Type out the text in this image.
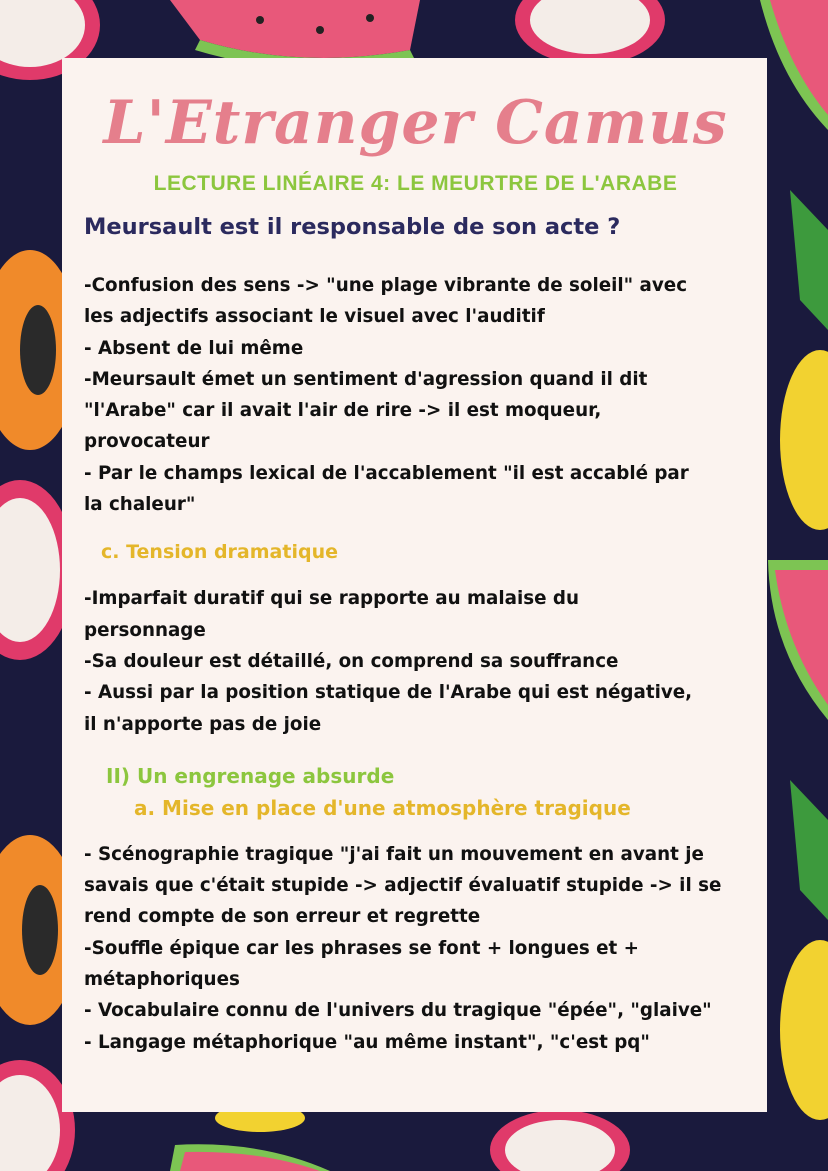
L'Etranger Camus
LECTURE LINÉAIRE 4: LE MEURTRE DE L'ARABE
Meursault est il responsable de son acte ?
-Confusion des sens -> "une plage vibrante de soleil" avec
les adjectifs associant le visuel avec l'auditif
- Absent de lui même
-Meursault émet un sentiment d'agression quand il dit
"l'Arabe" car il avait l'air de rire -> il est moqueur,
provocateur
- Par le champs lexical de l'accablement "il est accablé par
la chaleur"
c. Tension dramatique
-Imparfait duratif qui se rapporte au malaise du
personnage
-Sa douleur est détaillé, on comprend sa souffrance
- Aussi par la position statique de l'Arabe qui est négative,
il n'apporte pas de joie
II) Un engrenage absurde
a. Mise en place d'une atmosphère tragique
- Scénographie tragique "j'ai fait un mouvement en avant je
savais que c'était stupide -> adjectif évaluatif stupide -> il se
rend compte de son erreur et regrette
-Souffle épique car les phrases se font + longues et +
métaphoriques
- Vocabulaire connu de l'univers du tragique "épée", "glaive"
- Langage métaphorique "au même instant", "c'est pq"
